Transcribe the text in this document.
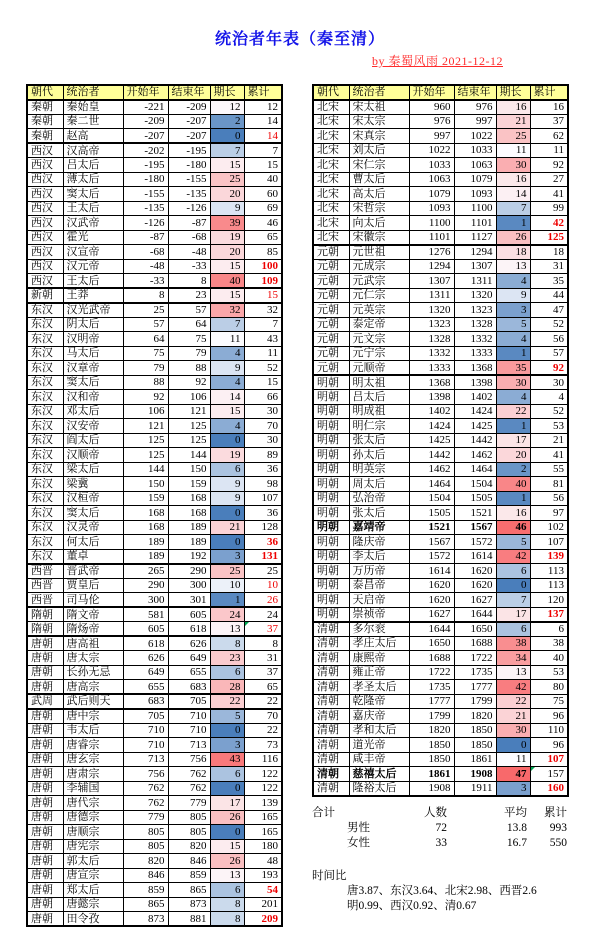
统治者年表（秦至清）
by 秦蜀风雨 2021-12-12
朝代	统治者	开始年	结束年	期长	累计
秦朝	秦始皇	-221	-209	12	12
秦朝	秦二世	-209	-207	2	14
秦朝	赵高	-207	-207	0	14
西汉	汉高帝	-202	-195	7	7
西汉	吕太后	-195	-180	15	15
西汉	薄太后	-180	-155	25	40
西汉	窦太后	-155	-135	20	60
西汉	王太后	-135	-126	9	69
西汉	汉武帝	-126	-87	39	46
西汉	霍光	-87	-68	19	65
西汉	汉宣帝	-68	-48	20	85
西汉	汉元帝	-48	-33	15	100
西汉	王太后	-33	8	40	109
新朝	王莽	8	23	15	15
东汉	汉光武帝	25	57	32	32
东汉	阴太后	57	64	7	7
东汉	汉明帝	64	75	11	43
东汉	马太后	75	79	4	11
东汉	汉章帝	79	88	9	52
东汉	窦太后	88	92	4	15
东汉	汉和帝	92	106	14	66
东汉	邓太后	106	121	15	30
东汉	汉安帝	121	125	4	70
东汉	阎太后	125	125	0	30
东汉	汉顺帝	125	144	19	89
东汉	梁太后	144	150	6	36
东汉	梁冀	150	159	9	98
东汉	汉桓帝	159	168	9	107
东汉	窦太后	168	168	0	36
东汉	汉灵帝	168	189	21	128
东汉	何太后	189	189	0	36
东汉	董卓	189	192	3	131
西晋	晋武帝	265	290	25	25
西晋	贾皇后	290	300	10	10
西晋	司马伦	300	301	1	26
隋朝	隋文帝	581	605	24	24
隋朝	隋炀帝	605	618	13	37
唐朝	唐高祖	618	626	8	8
唐朝	唐太宗	626	649	23	31
唐朝	长孙无忌	649	655	6	37
唐朝	唐高宗	655	683	28	65
武周	武后则天	683	705	22	22
唐朝	唐中宗	705	710	5	70
唐朝	韦太后	710	710	0	22
唐朝	唐睿宗	710	713	3	73
唐朝	唐玄宗	713	756	43	116
唐朝	唐肃宗	756	762	6	122
唐朝	李辅国	762	762	0	122
唐朝	唐代宗	762	779	17	139
唐朝	唐德宗	779	805	26	165
唐朝	唐顺宗	805	805	0	165
唐朝	唐宪宗	805	820	15	180
唐朝	郭太后	820	846	26	48
唐朝	唐宣宗	846	859	13	193
唐朝	郑太后	859	865	6	54
唐朝	唐懿宗	865	873	8	201
唐朝	田令孜	873	881	8	209
朝代	统治者	开始年	结束年	期长	累计
北宋	宋太祖	960	976	16	16
北宋	宋太宗	976	997	21	37
北宋	宋真宗	997	1022	25	62
北宋	刘太后	1022	1033	11	11
北宋	宋仁宗	1033	1063	30	92
北宋	曹太后	1063	1079	16	27
北宋	高太后	1079	1093	14	41
北宋	宋哲宗	1093	1100	7	99
北宋	向太后	1100	1101	1	42
北宋	宋徽宗	1101	1127	26	125
元朝	元世祖	1276	1294	18	18
元朝	元成宗	1294	1307	13	31
元朝	元武宗	1307	1311	4	35
元朝	元仁宗	1311	1320	9	44
元朝	元英宗	1320	1323	3	47
元朝	泰定帝	1323	1328	5	52
元朝	元文宗	1328	1332	4	56
元朝	元宁宗	1332	1333	1	57
元朝	元顺帝	1333	1368	35	92
明朝	明太祖	1368	1398	30	30
明朝	吕太后	1398	1402	4	4
明朝	明成祖	1402	1424	22	52
明朝	明仁宗	1424	1425	1	53
明朝	张太后	1425	1442	17	21
明朝	孙太后	1442	1462	20	41
明朝	明英宗	1462	1464	2	55
明朝	周太后	1464	1504	40	81
明朝	弘治帝	1504	1505	1	56
明朝	张太后	1505	1521	16	97
明朝	嘉靖帝	1521	1567	46	102
明朝	隆庆帝	1567	1572	5	107
明朝	李太后	1572	1614	42	139
明朝	万历帝	1614	1620	6	113
明朝	泰昌帝	1620	1620	0	113
明朝	天启帝	1620	1627	7	120
明朝	崇祯帝	1627	1644	17	137
清朝	多尔衮	1644	1650	6	6
清朝	孝庄太后	1650	1688	38	38
清朝	康熙帝	1688	1722	34	40
清朝	雍正帝	1722	1735	13	53
清朝	孝圣太后	1735	1777	42	80
清朝	乾隆帝	1777	1799	22	75
清朝	嘉庆帝	1799	1820	21	96
清朝	孝和太后	1820	1850	30	110
清朝	道光帝	1850	1850	0	96
清朝	咸丰帝	1850	1861	11	107
清朝	慈禧太后	1861	1908	47	157
清朝	隆裕太后	1908	1911	3	160
合计	人数	平均	累计
男性	72	13.8	993
女性	33	16.7	550
时间比
唐3.87、东汉3.64、北宋2.98、西晋2.6
明0.99、西汉0.92、清0.67
